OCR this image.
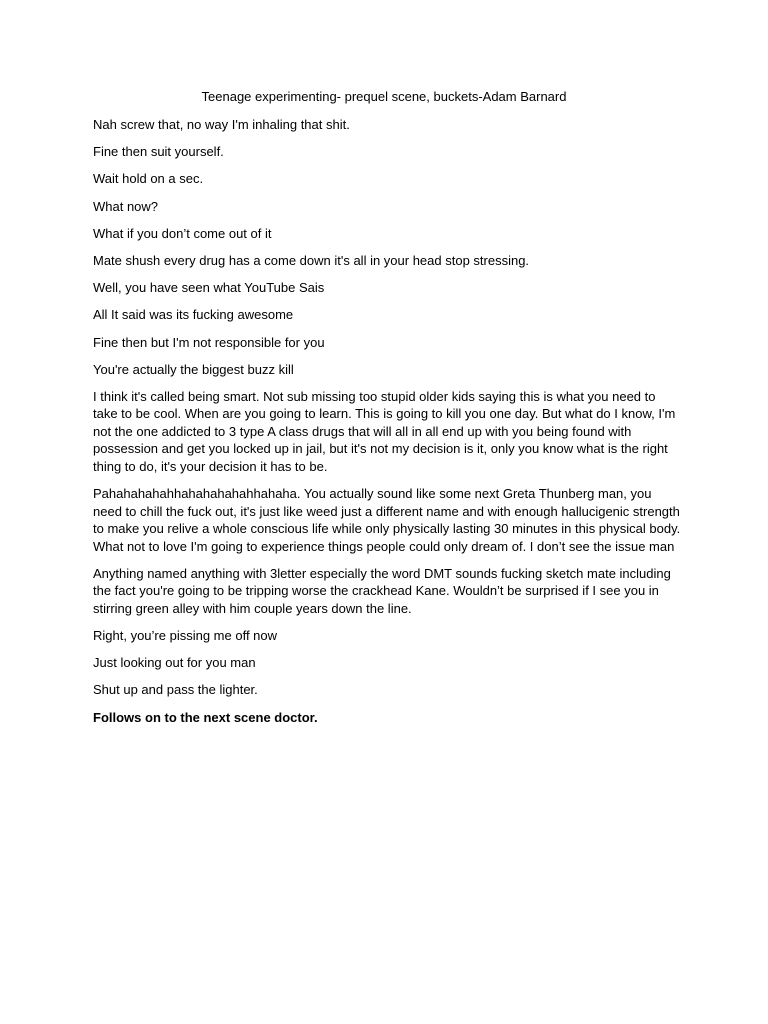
Teenage experimenting- prequel scene, buckets-Adam Barnard

Nah screw that, no way I'm inhaling that shit.

Fine then suit yourself.

Wait hold on a sec.

What now?

What if you don’t come out of it

Mate shush every drug has a come down it's all in your head stop stressing.

Well, you have seen what YouTube Sais

All It said was its fucking awesome

Fine then but I'm not responsible for you

You're actually the biggest buzz kill

I think it's called being smart. Not sub missing too stupid older kids saying this is what you need to take to be cool. When are you going to learn. This is going to kill you one day. But what do I know, I'm not the one addicted to 3 type A class drugs that will all in all end up with you being found with possession and get you locked up in jail, but it's not my decision is it, only you know what is the right thing to do, it's your decision it has to be.

Pahahahahahhahahahahahhahaha. You actually sound like some next Greta Thunberg man, you need to chill the fuck out, it's just like weed just a different name and with enough hallucigenic strength to make you relive a whole conscious life while only physically lasting 30 minutes in this physical body. What not to love I'm going to experience things people could only dream of. I don’t see the issue man

Anything named anything with 3letter especially the word DMT sounds fucking sketch mate including the fact you're going to be tripping worse the crackhead Kane. Wouldn’t be surprised if I see you in stirring green alley with him couple years down the line.

Right, you’re pissing me off now

Just looking out for you man

Shut up and pass the lighter.

Follows on to the next scene doctor.
